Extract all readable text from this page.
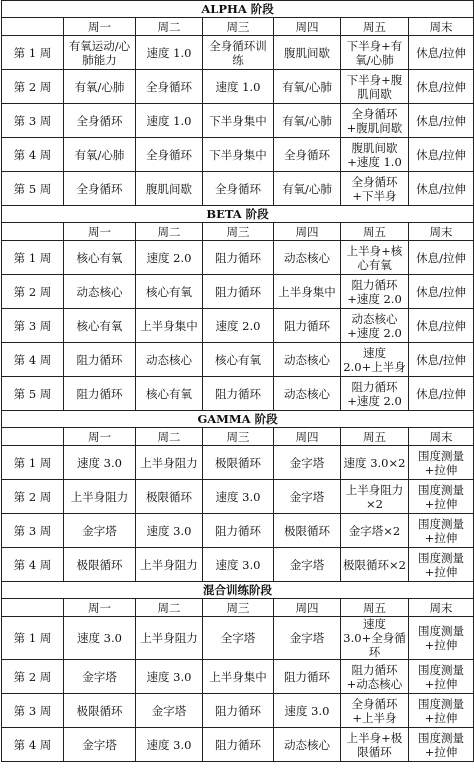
ALPHA 阶段						
	周一	周二	周三	周四	周五	周末
第 1 周	有氧运动/心肺能力	速度 1.0	全身循环训练	腹肌间歇	下半身+有氧/心肺	休息/拉伸
第 2 周	有氧/心肺	全身循环	速度 1.0	有氧/心肺	下半身+腹肌间歇	休息/拉伸
第 3 周	全身循环	速度 1.0	下半身集中	有氧/心肺	全身循环+腹肌间歇	休息/拉伸
第 4 周	有氧/心肺	全身循环	下半身集中	全身循环	腹肌间歇+速度 1.0	休息/拉伸
第 5 周	全身循环	腹肌间歇	全身循环	有氧/心肺	全身循环+下半身	休息/拉伸
BETA 阶段						
	周一	周二	周三	周四	周五	周末
第 1 周	核心有氧	速度 2.0	阻力循环	动态核心	上半身+核心有氧	休息/拉伸
第 2 周	动态核心	核心有氧	阻力循环	上半身集中	阻力循环+速度 2.0	休息/拉伸
第 3 周	核心有氧	上半身集中	速度 2.0	阻力循环	动态核心+速度 2.0	休息/拉伸
第 4 周	阻力循环	动态核心	核心有氧	动态核心	速度 2.0+上半身	休息/拉伸
第 5 周	阻力循环	核心有氧	阻力循环	动态核心	阻力循环+速度 2.0	休息/拉伸
GAMMA 阶段						
	周一	周二	周三	周四	周五	周末
第 1 周	速度 3.0	上半身阻力	极限循环	金字塔	速度 3.0×2	围度测量+拉伸
第 2 周	上半身阻力	极限循环	速度 3.0	金字塔	上半身阻力×2	围度测量+拉伸
第 3 周	金字塔	速度 3.0	阻力循环	极限循环	金字塔×2	围度测量+拉伸
第 4 周	极限循环	上半身阻力	速度 3.0	金字塔	极限循环×2	围度测量+拉伸
混合训练阶段						
	周一	周二	周三	周四	周五	周末
第 1 周	速度 3.0	上半身阻力	全字塔	金字塔	速度 3.0+全身循环	围度测量+拉伸
第 2 周	金字塔	速度 3.0	上半身集中	阻力循环	阻力循环+动态核心	围度测量+拉伸
第 3 周	极限循环	金字塔	阻力循环	速度 3.0	全身循环+上半身	围度测量+拉伸
第 4 周	金字塔	速度 3.0	阻力循环	动态核心	上半身+极限循环	围度测量+拉伸
